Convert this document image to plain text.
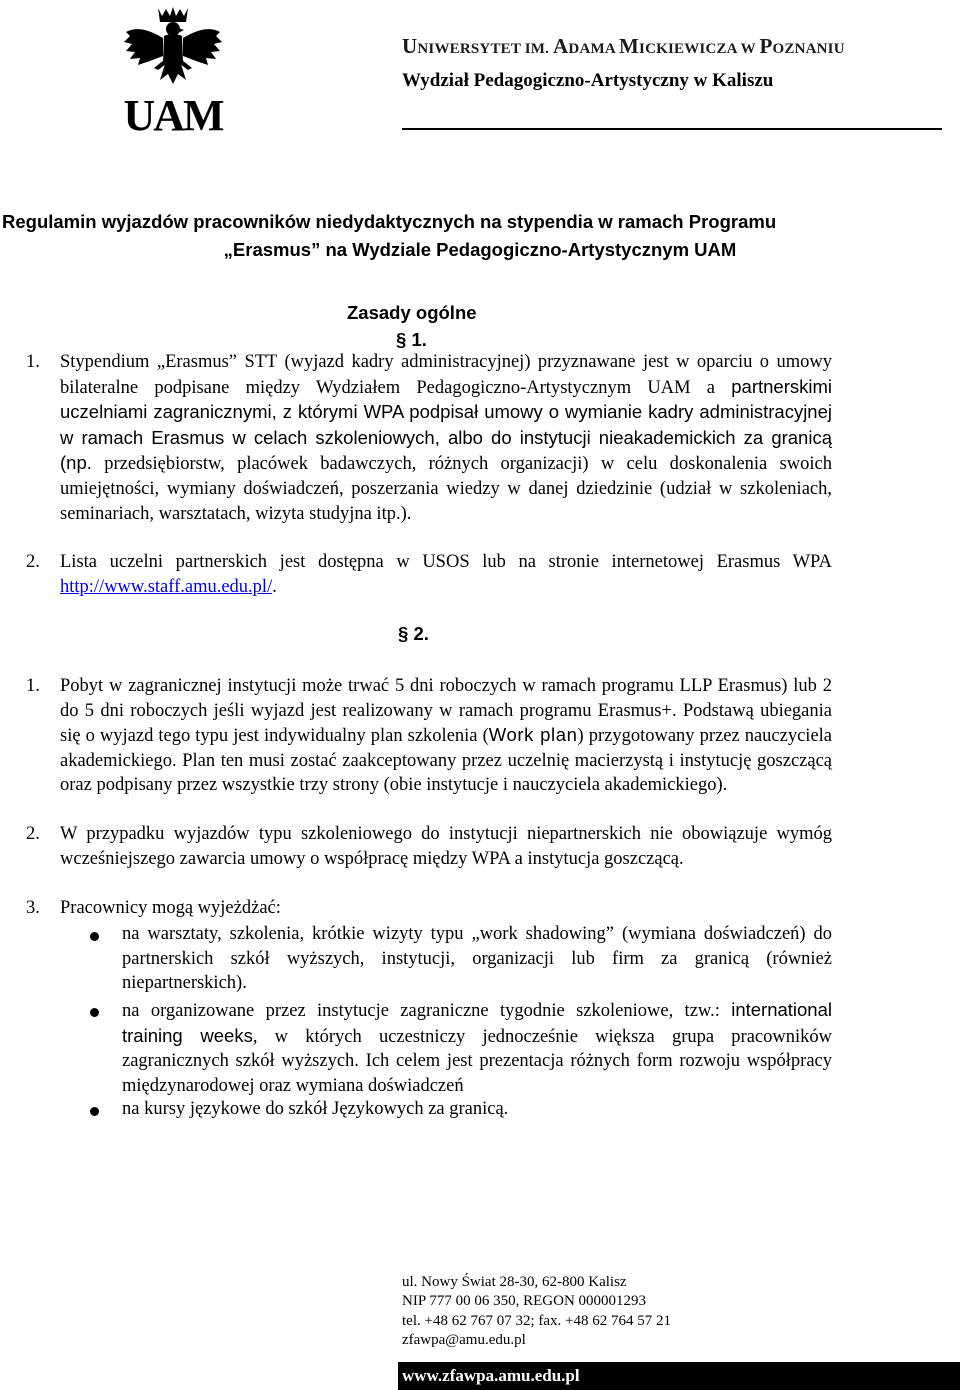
UAM
UNIWERSYTET IM. ADAMA MICKIEWICZA W POZNANIU
Wydział Pedagogiczno-Artystyczny w Kaliszu
Regulamin wyjazdów pracowników niedydaktycznych na stypendia w ramach Programu
„Erasmus” na Wydziale Pedagogiczno-Artystycznym UAM
Zasady ogólne
§ 1.
1. Stypendium „Erasmus” STT (wyjazd kadry administracyjnej) przyznawane jest w oparciu o umowy bilateralne podpisane między Wydziałem Pedagogiczno-Artystycznym UAM a partnerskimi uczelniami zagranicznymi, z którymi WPA podpisał umowy o wymianie kadry administracyjnej w ramach Erasmus w celach szkoleniowych, albo do instytucji nieakademickich za granicą (np. przedsiębiorstw, placówek badawczych, różnych organizacji) w celu doskonalenia swoich umiejętności, wymiany doświadczeń, poszerzania wiedzy w danej dziedzinie (udział w szkoleniach, seminariach, warsztatach, wizyta studyjna itp.).
2. Lista uczelni partnerskich jest dostępna w USOS lub na stronie internetowej Erasmus WPA http://www.staff.amu.edu.pl/.
§ 2.
1. Pobyt w zagranicznej instytucji może trwać 5 dni roboczych w ramach programu LLP Erasmus) lub 2 do 5 dni roboczych jeśli wyjazd jest realizowany w ramach programu Erasmus+. Podstawą ubiegania się o wyjazd tego typu jest indywidualny plan szkolenia (Work plan) przygotowany przez nauczyciela akademickiego. Plan ten musi zostać zaakceptowany przez uczelnię macierzystą i instytucję goszczącą oraz podpisany przez wszystkie trzy strony (obie instytucje i nauczyciela akademickiego).
2. W przypadku wyjazdów typu szkoleniowego do instytucji niepartnerskich nie obowiązuje wymóg wcześniejszego zawarcia umowy o współpracę między WPA a instytucja goszczącą.
3. Pracownicy mogą wyjeżdżać:
na warsztaty, szkolenia, krótkie wizyty typu „work shadowing” (wymiana doświadczeń) do partnerskich szkół wyższych, instytucji, organizacji lub firm za granicą (również niepartnerskich).
na organizowane przez instytucje zagraniczne tygodnie szkoleniowe, tzw.: international training weeks, w których uczestniczy jednocześnie większa grupa pracowników zagranicznych szkół wyższych. Ich celem jest prezentacja różnych form rozwoju współpracy międzynarodowej oraz wymiana doświadczeń
na kursy językowe do szkół Językowych za granicą.
ul. Nowy Świat 28-30, 62-800 Kalisz
NIP 777 00 06 350, REGON 000001293
tel. +48 62 767 07 32; fax. +48 62 764 57 21
zfawpa@amu.edu.pl
www.zfawpa.amu.edu.pl
